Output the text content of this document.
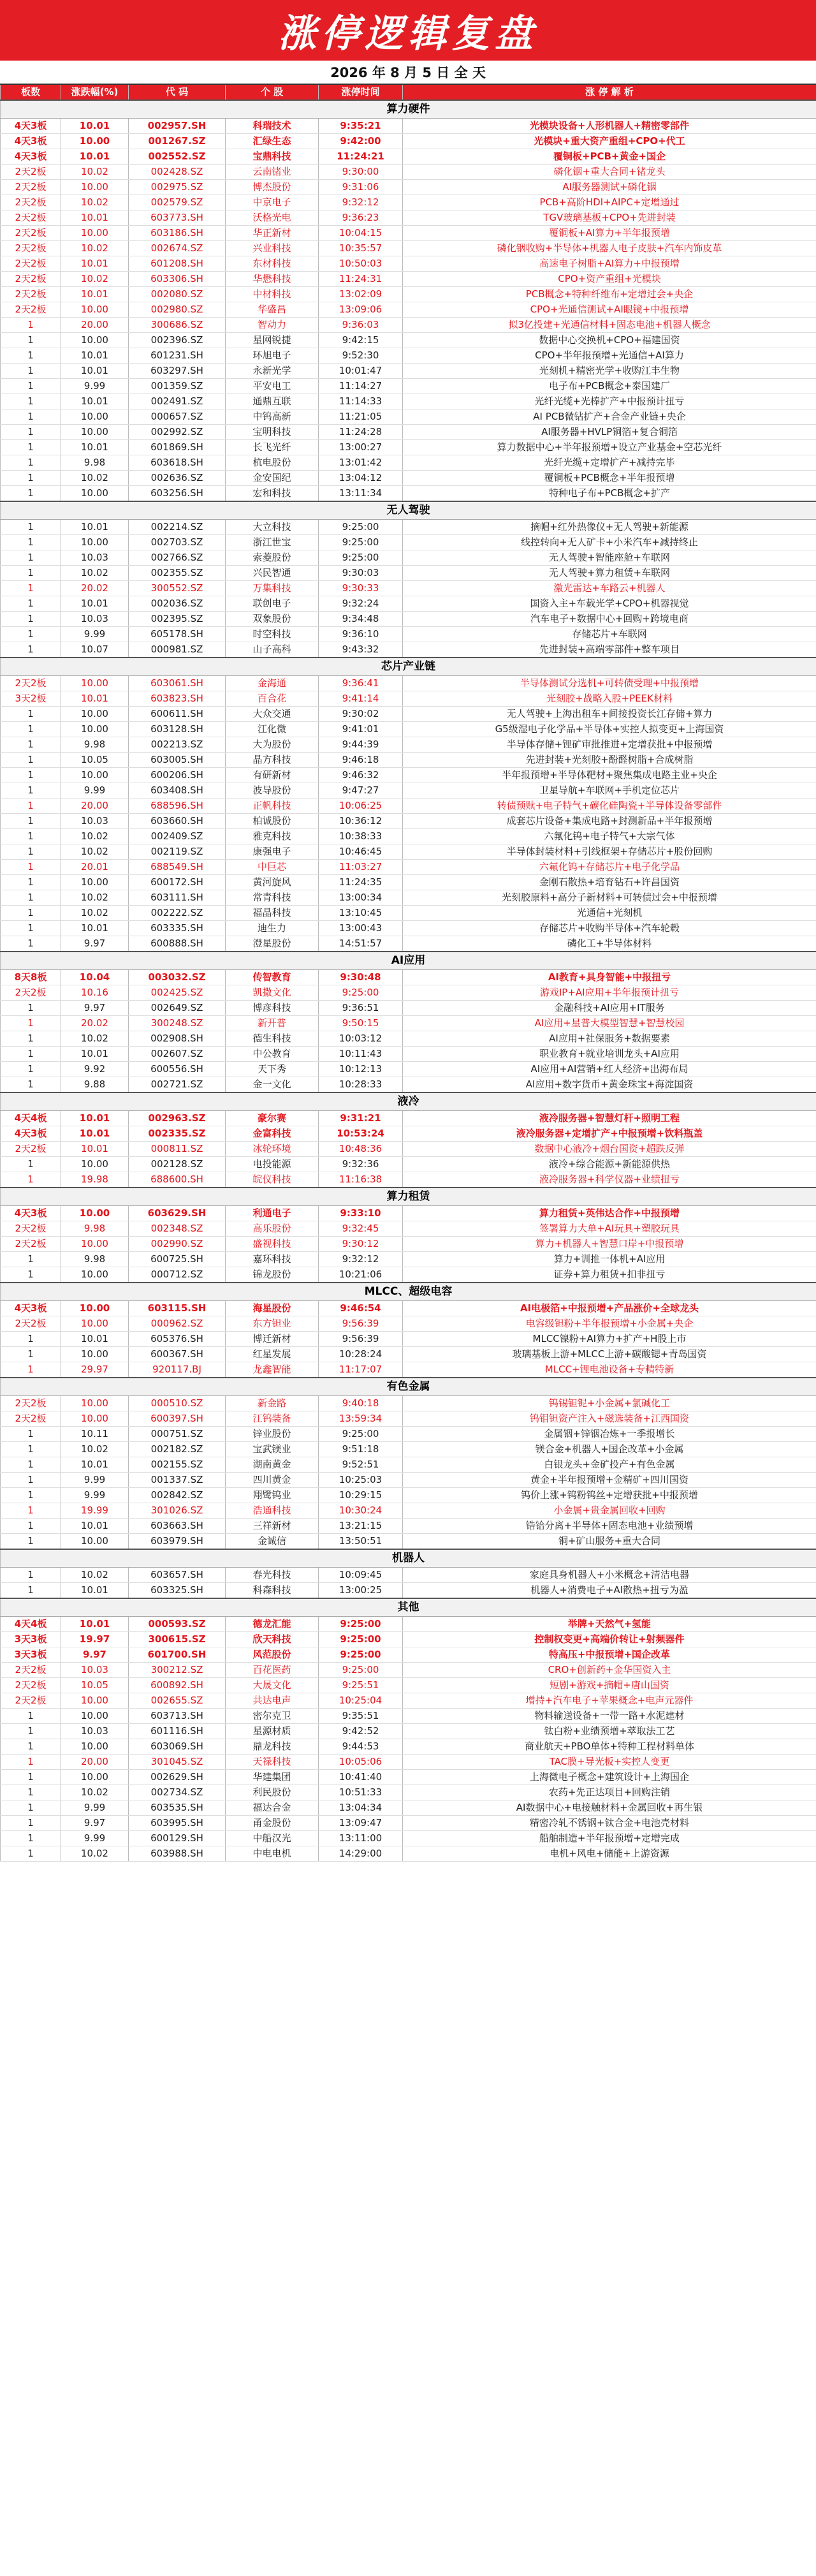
涨停逻辑复盘
2026 年 8 月 5 日 全 天
板数	涨跌幅(%)	代 码	个 股	涨停时间	涨 停 解 析
算力硬件					
4天3板	10.01	002957.SH	科瑞技术	9:35:21	光模块设备+人形机器人+精密零部件
4天3板	10.00	001267.SZ	汇绿生态	9:42:00	光模块+重大资产重组+CPO+代工
4天3板	10.01	002552.SZ	宝鼎科技	11:24:21	覆铜板+PCB+黄金+国企
2天2板	10.02	002428.SZ	云南锗业	9:30:00	磷化铟+重大合同+锗龙头
2天2板	10.00	002975.SZ	博杰股份	9:31:06	AI服务器测试+磷化铟
2天2板	10.02	002579.SZ	中京电子	9:32:12	PCB+高阶HDI+AIPC+定增通过
2天2板	10.01	603773.SH	沃格光电	9:36:23	TGV玻璃基板+CPO+先进封装
2天2板	10.00	603186.SH	华正新材	10:04:15	覆铜板+AI算力+半年报预增
2天2板	10.02	002674.SZ	兴业科技	10:35:57	磷化铟收购+半导体+机器人电子皮肤+汽车内饰皮革
2天2板	10.01	601208.SH	东材科技	10:50:03	高速电子树脂+AI算力+中报预增
2天2板	10.02	603306.SH	华懋科技	11:24:31	CPO+资产重组+光模块
2天2板	10.01	002080.SZ	中材科技	13:02:09	PCB概念+特种纤维布+定增过会+央企
2天2板	10.00	002980.SZ	华盛昌	13:09:06	CPO+光通信测试+AI眼镜+中报预增
1	20.00	300686.SZ	智动力	9:36:03	拟3亿投建+光通信材料+固态电池+机器人概念
1	10.00	002396.SZ	星网锐捷	9:42:15	数据中心交换机+CPO+福建国资
1	10.01	601231.SH	环旭电子	9:52:30	CPO+半年报预增+光通信+AI算力
1	10.01	603297.SH	永新光学	10:01:47	光刻机+精密光学+收购江丰生物
1	9.99	001359.SZ	平安电工	11:14:27	电子布+PCB概念+泰国建厂
1	10.01	002491.SZ	通鼎互联	11:14:33	光纤光缆+光棒扩产+中报预计扭亏
1	10.00	000657.SZ	中钨高新	11:21:05	AI PCB微钻扩产+合金产业链+央企
1	10.00	002992.SZ	宝明科技	11:24:28	AI服务器+HVLP铜箔+复合铜箔
1	10.01	601869.SH	长飞光纤	13:00:27	算力数据中心+半年报预增+设立产业基金+空芯光纤
1	9.98	603618.SH	杭电股份	13:01:42	光纤光缆+定增扩产+减持完毕
1	10.02	002636.SZ	金安国纪	13:04:12	覆铜板+PCB概念+半年报预增
1	10.00	603256.SH	宏和科技	13:11:34	特种电子布+PCB概念+扩产
无人驾驶					
1	10.01	002214.SZ	大立科技	9:25:00	摘帽+红外热像仪+无人驾驶+新能源
1	10.00	002703.SZ	浙江世宝	9:25:00	线控转向+无人矿卡+小米汽车+减持终止
1	10.03	002766.SZ	索菱股份	9:25:00	无人驾驶+智能座舱+车联网
1	10.02	002355.SZ	兴民智通	9:30:03	无人驾驶+算力租赁+车联网
1	20.02	300552.SZ	万集科技	9:30:33	激光雷达+车路云+机器人
1	10.01	002036.SZ	联创电子	9:32:24	国资入主+车载光学+CPO+机器视觉
1	10.03	002395.SZ	双象股份	9:34:48	汽车电子+数据中心+回购+跨境电商
1	9.99	605178.SH	时空科技	9:36:10	存储芯片+车联网
1	10.07	000981.SZ	山子高科	9:43:32	先进封装+高端零部件+整车项目
芯片产业链					
2天2板	10.00	603061.SH	金海通	9:36:41	半导体测试分选机+可转债受理+中报预增
3天2板	10.01	603823.SH	百合花	9:41:14	光刻胶+战略入股+PEEK材料
1	10.00	600611.SH	大众交通	9:30:02	无人驾驶+上海出租车+间接投资长江存储+算力
1	10.00	603128.SH	江化微	9:41:01	G5级湿电子化学品+半导体+实控人拟变更+上海国资
1	9.98	002213.SZ	大为股份	9:44:39	半导体存储+锂矿审批推进+定增获批+中报预增
1	10.05	603005.SH	晶方科技	9:46:18	先进封装+光刻胶+酚醛树脂+合成树脂
1	10.00	600206.SH	有研新材	9:46:32	半年报预增+半导体靶材+聚焦集成电路主业+央企
1	9.99	603408.SH	波导股份	9:47:27	卫星导航+车联网+手机定位芯片
1	20.00	688596.SH	正帆科技	10:06:25	转债预赎+电子特气+碳化硅陶瓷+半导体设备零部件
1	10.03	603660.SH	柏诚股份	10:36:12	成套芯片设备+集成电路+封测新品+半年报预增
1	10.02	002409.SZ	雅克科技	10:38:33	六氟化钨+电子特气+大宗气体
1	10.02	002119.SZ	康强电子	10:46:45	半导体封装材料+引线框架+存储芯片+股份回购
1	20.01	688549.SH	中巨芯	11:03:27	六氟化钨+存储芯片+电子化学品
1	10.00	600172.SH	黄河旋风	11:24:35	金刚石散热+培育钻石+许昌国资
1	10.02	603111.SH	常青科技	13:00:34	光刻胶原料+高分子新材料+可转债过会+中报预增
1	10.02	002222.SZ	福晶科技	13:10:45	光通信+光刻机
1	10.01	603335.SH	迪生力	13:00:43	存储芯片+收购半导体+汽车轮毂
1	9.97	600888.SH	澄星股份	14:51:57	磷化工+半导体材料
AI应用					
8天8板	10.04	003032.SZ	传智教育	9:30:48	AI教育+具身智能+中报扭亏
2天2板	10.16	002425.SZ	凯撒文化	9:25:00	游戏IP+AI应用+半年报预计扭亏
1	9.97	002649.SZ	博彦科技	9:36:51	金融科技+AI应用+IT服务
1	20.02	300248.SZ	新开普	9:50:15	AI应用+星普大模型智慧+智慧校园
1	10.02	002908.SH	德生科技	10:03:12	AI应用+社保服务+数据要素
1	10.01	002607.SZ	中公教育	10:11:43	职业教育+就业培训龙头+AI应用
1	9.92	600556.SH	天下秀	10:12:13	AI应用+AI营销+红人经济+出海布局
1	9.88	002721.SZ	金一文化	10:28:33	AI应用+数字货币+黄金珠宝+海淀国资
液冷					
4天4板	10.01	002963.SZ	豪尔赛	9:31:21	液冷服务器+智慧灯杆+照明工程
4天3板	10.01	002335.SZ	金富科技	10:53:24	液冷服务器+定增扩产+中报预增+饮料瓶盖
2天2板	10.01	000811.SZ	冰轮环境	10:48:36	数据中心液冷+烟台国资+超跌反弹
1	10.00	002128.SZ	电投能源	9:32:36	液冷+综合能源+新能源供热
1	19.98	688600.SH	皖仪科技	11:16:38	液冷服务器+科学仪器+业绩扭亏
算力租赁					
4天3板	10.00	603629.SH	利通电子	9:33:10	算力租赁+英伟达合作+中报预增
2天2板	9.98	002348.SZ	高乐股份	9:32:45	签署算力大单+AI玩具+塑胶玩具
2天2板	10.00	002990.SZ	盛视科技	9:30:12	算力+机器人+智慧口岸+中报预增
1	9.98	600725.SH	嘉环科技	9:32:12	算力+训推一体机+AI应用
1	10.00	000712.SZ	锦龙股份	10:21:06	证券+算力租赁+扣非扭亏
MLCC、超级电容					
4天3板	10.00	603115.SH	海星股份	9:46:54	AI电极箔+中报预增+产品涨价+全球龙头
2天2板	10.00	000962.SZ	东方钽业	9:56:39	电容级钽粉+半年报预增+小金属+央企
1	10.01	605376.SH	博迁新材	9:56:39	MLCC镍粉+AI算力+扩产+H股上市
1	10.00	600367.SH	红星发展	10:28:24	玻璃基板上游+MLCC上游+碳酸锶+青岛国资
1	29.97	920117.BJ	龙鑫智能	11:17:07	MLCC+锂电池设备+专精特新
有色金属					
2天2板	10.00	000510.SZ	新金路	9:40:18	钨锡钽铌+小金属+氯碱化工
2天2板	10.00	600397.SH	江钨装备	13:59:34	钨钼钽资产注入+磁选装备+江西国资
1	10.11	000751.SZ	锌业股份	9:25:00	金属铟+锌铟冶炼+一季报增长
1	10.02	002182.SZ	宝武镁业	9:51:18	镁合金+机器人+国企改革+小金属
1	10.01	002155.SZ	湖南黄金	9:52:51	白银龙头+金矿投产+有色金属
1	9.99	001337.SZ	四川黄金	10:25:03	黄金+半年报预增+金精矿+四川国资
1	9.99	002842.SZ	翔鹭钨业	10:29:15	钨价上涨+钨粉钨丝+定增获批+中报预增
1	19.99	301026.SZ	浩通科技	10:30:24	小金属+贵金属回收+回购
1	10.01	603663.SH	三祥新材	13:21:15	锆铪分离+半导体+固态电池+业绩预增
1	10.00	603979.SH	金诚信	13:50:51	铜+矿山服务+重大合同
机器人					
1	10.02	603657.SH	春光科技	10:09:45	家庭具身机器人+小米概念+清洁电器
1	10.01	603325.SH	科森科技	13:00:25	机器人+消费电子+AI散热+扭亏为盈
其他					
4天4板	10.01	000593.SZ	德龙汇能	9:25:00	举牌+天然气+氢能
3天3板	19.97	300615.SZ	欣天科技	9:25:00	控制权变更+高端价转让+射频器件
3天3板	9.97	601700.SH	风范股份	9:25:00	特高压+中报预增+国企改革
2天2板	10.03	300212.SZ	百花医药	9:25:00	CRO+创新药+金华国资入主
2天2板	10.05	600892.SH	大晟文化	9:25:51	短剧+游戏+摘帽+唐山国资
2天2板	10.00	002655.SZ	共达电声	10:25:04	增持+汽车电子+苹果概念+电声元器件
1	10.00	603713.SH	密尔克卫	9:35:51	物料输送设备+一带一路+水泥建材
1	10.03	601116.SH	星源材质	9:42:52	钛白粉+业绩预增+萃取法工艺
1	10.00	603069.SH	鼎龙科技	9:44:53	商业航天+PBO单体+特种工程材料单体
1	20.00	301045.SZ	天禄科技	10:05:06	TAC膜+导光板+实控人变更
1	10.00	002629.SH	华建集团	10:41:40	上海微电子概念+建筑设计+上海国企
1	10.02	002734.SZ	利民股份	10:51:33	农药+先正达项目+回购注销
1	9.99	603535.SH	福达合金	13:04:34	AI数据中心+电接触材料+金属回收+再生银
1	9.97	603995.SH	甬金股份	13:09:47	精密冷轧不锈钢+钛合金+电池壳材料
1	9.99	600129.SH	中船汉光	13:11:00	船舶制造+半年报预增+定增完成
1	10.02	603988.SH	中电电机	14:29:00	电机+风电+储能+上游资源
